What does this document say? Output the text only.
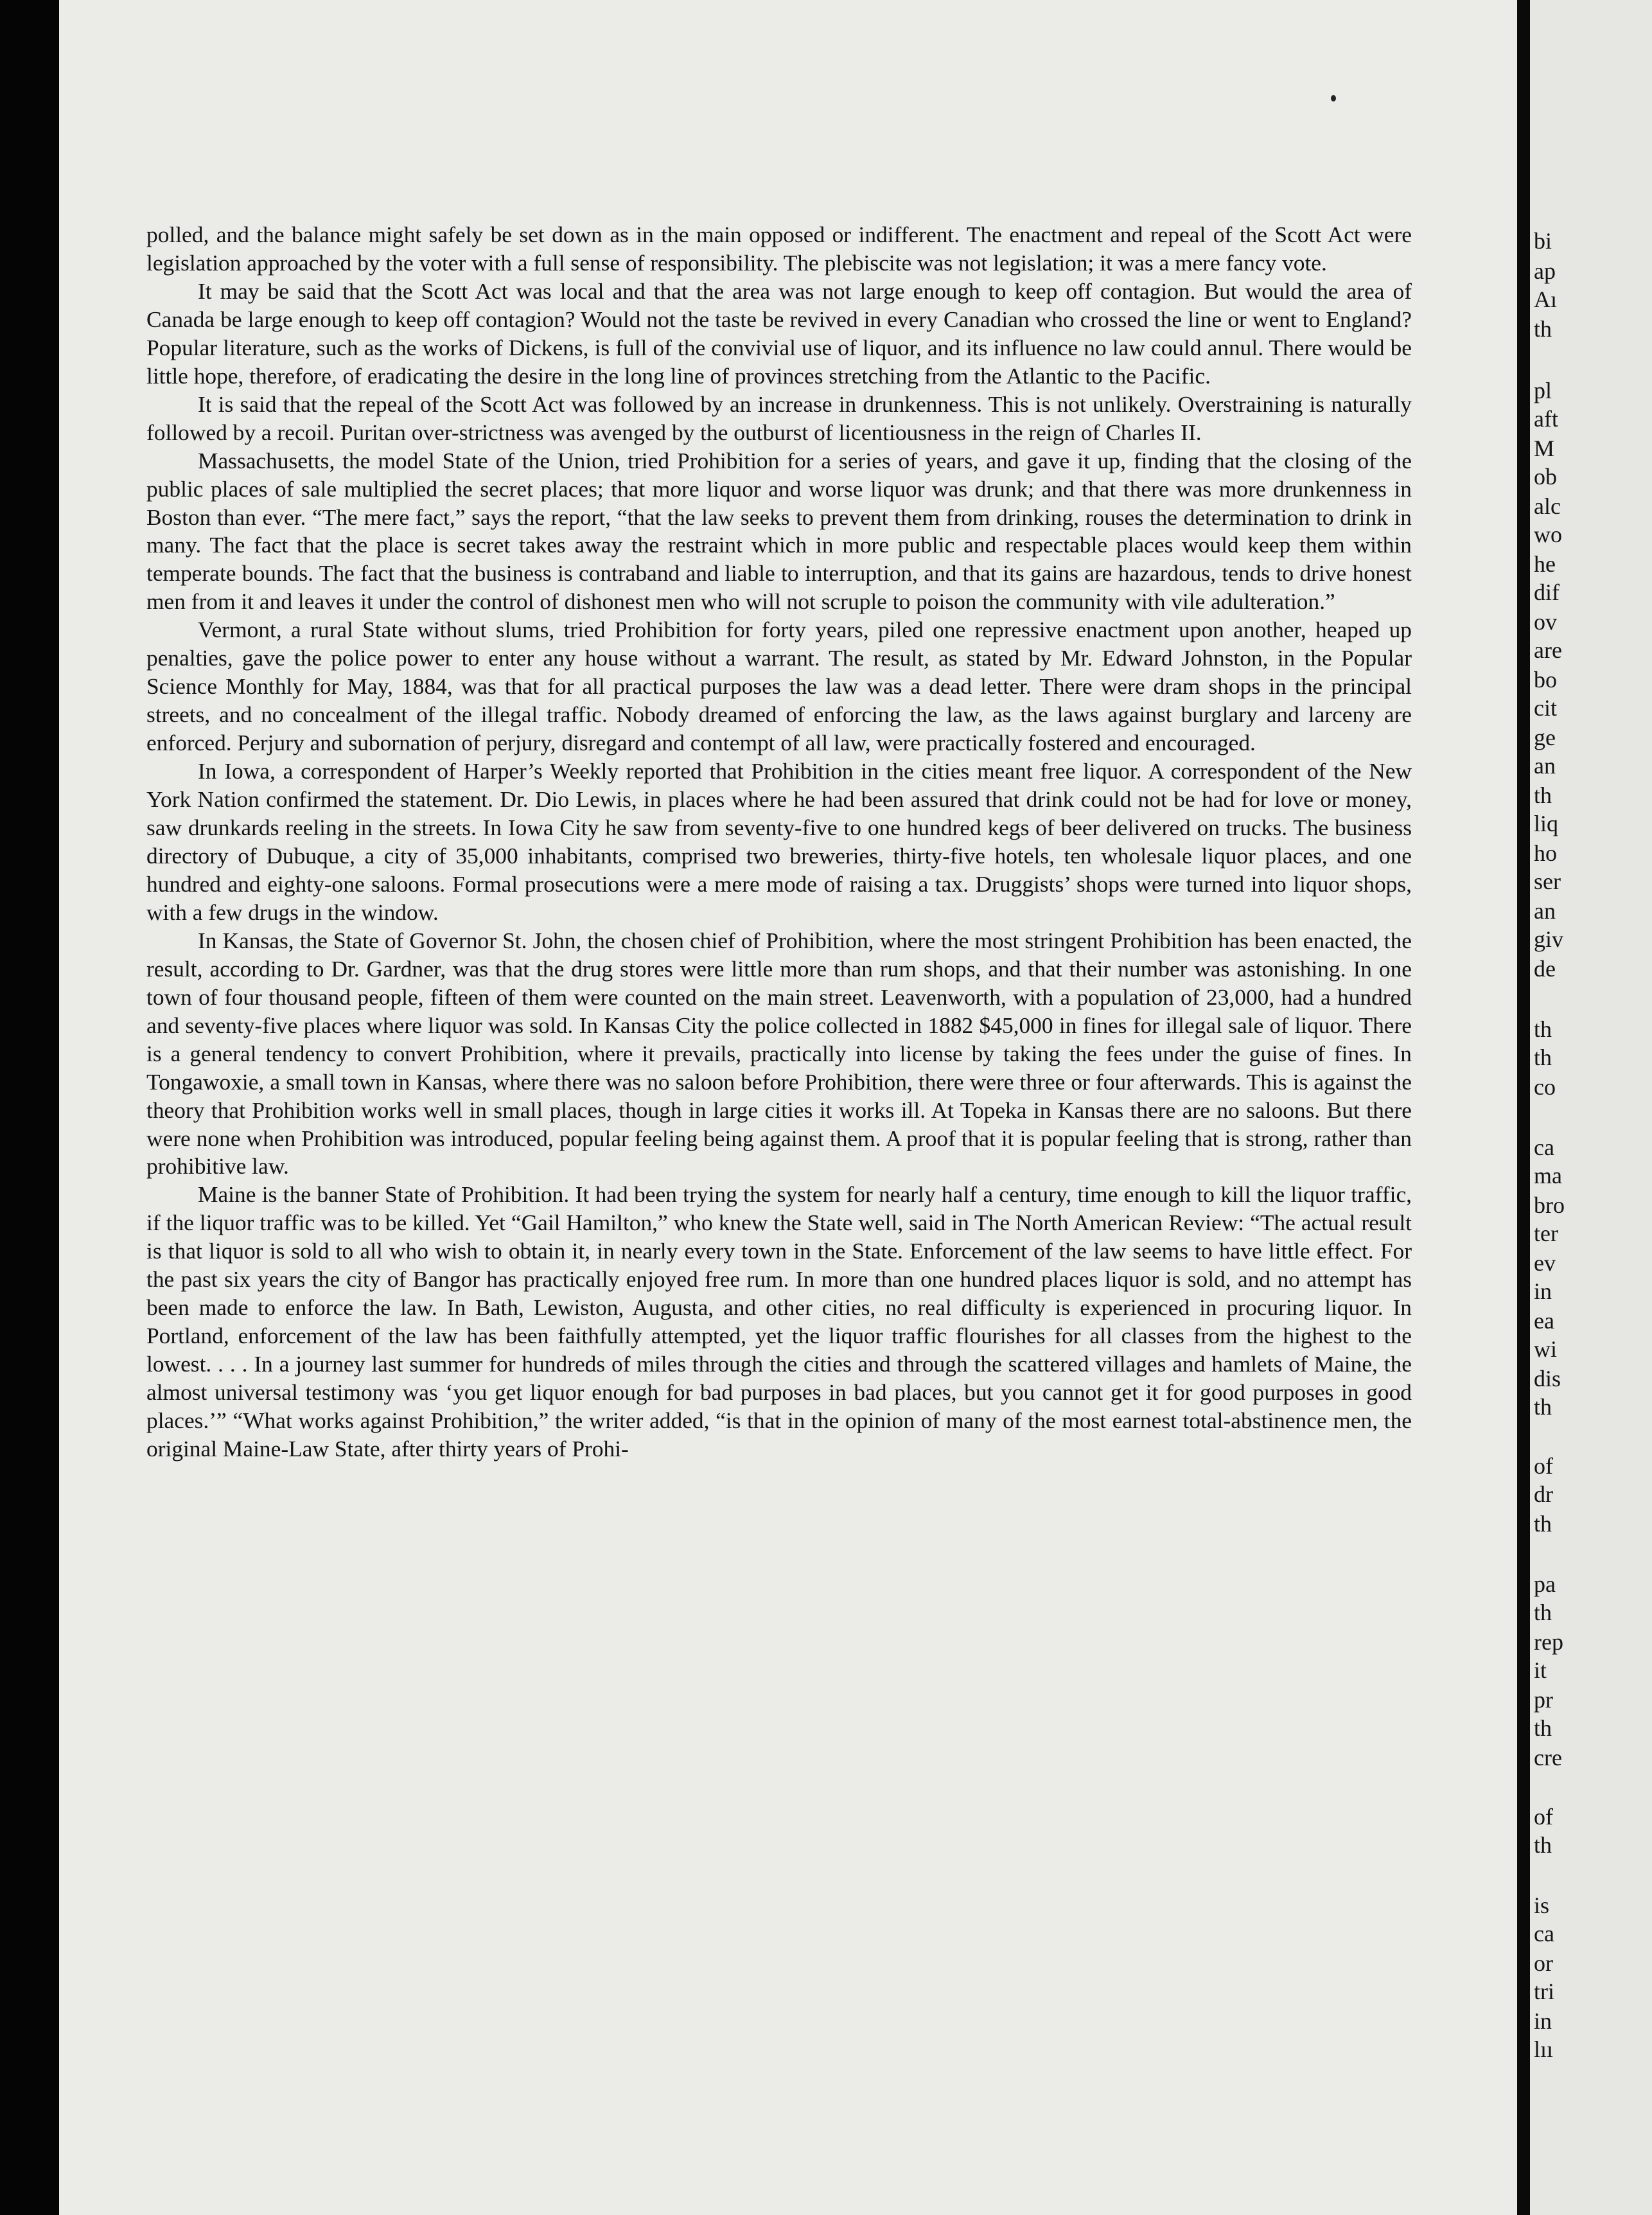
polled, and the balance might safely be set down as in the main opposed or indifferent. The enactment and repeal of the Scott Act were legislation approached by the voter with a full sense of responsibility. The plebiscite was not legislation; it was a mere fancy vote.

It may be said that the Scott Act was local and that the area was not large enough to keep off contagion. But would the area of Canada be large enough to keep off contagion? Would not the taste be revived in every Canadian who crossed the line or went to England? Popular literature, such as the works of Dickens, is full of the convivial use of liquor, and its influence no law could annul. There would be little hope, therefore, of eradicating the desire in the long line of provinces stretching from the Atlantic to the Pacific.

It is said that the repeal of the Scott Act was followed by an increase in drunkenness. This is not unlikely. Overstraining is naturally followed by a recoil. Puritan over-strictness was avenged by the outburst of licentiousness in the reign of Charles II.

Massachusetts, the model State of the Union, tried Prohibition for a series of years, and gave it up, finding that the closing of the public places of sale multiplied the secret places; that more liquor and worse liquor was drunk; and that there was more drunkenness in Boston than ever. “The mere fact,” says the report, “that the law seeks to prevent them from drinking, rouses the determination to drink in many. The fact that the place is secret takes away the restraint which in more public and respectable places would keep them within temperate bounds. The fact that the business is contraband and liable to interruption, and that its gains are hazardous, tends to drive honest men from it and leaves it under the control of dishonest men who will not scruple to poison the community with vile adulteration.”

Vermont, a rural State without slums, tried Prohibition for forty years, piled one repressive enactment upon another, heaped up penalties, gave the police power to enter any house without a warrant. The result, as stated by Mr. Edward Johnston, in the Popular Science Monthly for May, 1884, was that for all practical purposes the law was a dead letter. There were dram shops in the principal streets, and no concealment of the illegal traffic. Nobody dreamed of enforcing the law, as the laws against burglary and larceny are enforced. Perjury and subornation of perjury, disregard and contempt of all law, were practically fostered and encouraged.

In Iowa, a correspondent of Harper’s Weekly reported that Prohibition in the cities meant free liquor. A correspondent of the New York Nation confirmed the statement. Dr. Dio Lewis, in places where he had been assured that drink could not be had for love or money, saw drunkards reeling in the streets. In Iowa City he saw from seventy-five to one hundred kegs of beer delivered on trucks. The business directory of Dubuque, a city of 35,000 inhabitants, comprised two breweries, thirty-five hotels, ten wholesale liquor places, and one hundred and eighty-one saloons. Formal prosecutions were a mere mode of raising a tax. Druggists’ shops were turned into liquor shops, with a few drugs in the window.

In Kansas, the State of Governor St. John, the chosen chief of Prohibition, where the most stringent Prohibition has been enacted, the result, according to Dr. Gardner, was that the drug stores were little more than rum shops, and that their number was astonishing. In one town of four thousand people, fifteen of them were counted on the main street. Leavenworth, with a population of 23,000, had a hundred and seventy-five places where liquor was sold. In Kansas City the police collected in 1882 $45,000 in fines for illegal sale of liquor. There is a general tendency to convert Prohibition, where it prevails, practically into license by taking the fees under the guise of fines. In Tongawoxie, a small town in Kansas, where there was no saloon before Prohibition, there were three or four afterwards. This is against the theory that Prohibition works well in small places, though in large cities it works ill. At Topeka in Kansas there are no saloons. But there were none when Prohibition was introduced, popular feeling being against them. A proof that it is popular feeling that is strong, rather than prohibitive law.

Maine is the banner State of Prohibition. It had been trying the system for nearly half a century, time enough to kill the liquor traffic, if the liquor traffic was to be killed. Yet “Gail Hamilton,” who knew the State well, said in The North American Review: “The actual result is that liquor is sold to all who wish to obtain it, in nearly every town in the State. Enforcement of the law seems to have little effect. For the past six years the city of Bangor has practically enjoyed free rum. In more than one hundred places liquor is sold, and no attempt has been made to enforce the law. In Bath, Lewiston, Augusta, and other cities, no real difficulty is experienced in procuring liquor. In Portland, enforcement of the law has been faithfully attempted, yet the liquor traffic flourishes for all classes from the highest to the lowest. . . . In a journey last summer for hundreds of miles through the cities and through the scattered villages and hamlets of Maine, the almost universal testimony was ‘you get liquor enough for bad purposes in bad places, but you cannot get it for good purposes in good places.’” “What works against Prohibition,” the writer added, “is that in the opinion of many of the most earnest total-abstinence men, the original Maine-Law State, after thirty years of Prohi-

bi
ap
Aı
th
pl
aft
M
ob
alc
wo
he
dif
ov
are
bo
cit
ge
an
th
liq
ho
ser
an
giv
de
th
th
co
ca
ma
bro
ter
ev
in
ea
wi
dis
th
of
dr
th
pa
th
rep
it
pr
th
cre
of
th
is
ca
or
tri
in
lıı
